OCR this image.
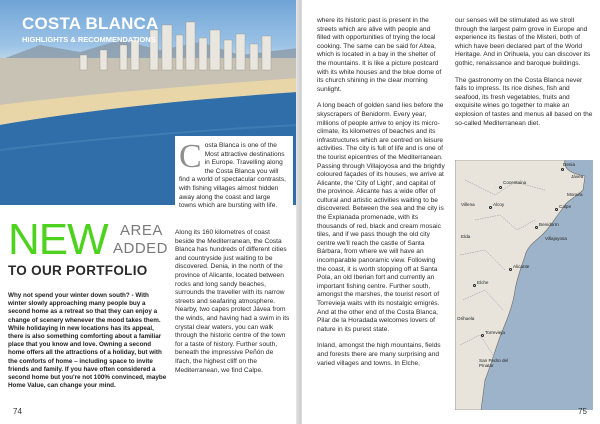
COSTA BLANCA
HIGHLIGHTS & RECOMMENDATIONS
NEW AREA
ADDED
TO OUR PORTFOLIO
Why not spend your winter down south? - With winter slowly approaching many people buy a second home as a retreat so that they can enjoy a change of scenery whenever the mood takes them. While holidaying in new locations has its appeal, there is also something comforting about a familiar place that you know and love. Owning a second home offers all the attractions of a holiday, but with the comforts of home – including space to invite friends and family. If you have often considered a second home but you're not 100% convinced, maybe Home Value, can change your mind.
C osta Blanca is one of the Most attractive destinations in Europe. Travelling along the Costa Blanca you will find a world of spectacular contrasts, with fishing villages almost hidden away along the coast and large towns which are bursting with life.

Along its 160 kilometres of coast beside the Mediterranean, the Costa Blanca has hundreds of different cities and countryside just waiting to be discovered. Denia, in the north of the province of Alicante, located between rocks and long sandy beaches, surrounds the traveller with its narrow streets and seafaring atmosphere. Nearby, two capes protect Jávea from the winds, and having had a swim in its crystal clear waters, you can walk through the historic centre of the town for a taste of history. Further south, beneath the impressive Peñón de Ifach, the highest cliff on the Mediterranean, we find Calpe.

74

where its historic past is present in the streets which are alive with people and filled with opportunities of trying the local cooking. The same can be said for Altea, which is located in a bay in the shelter of the mountains. It is like a picture postcard with its white houses and the blue dome of its church shining in the clear morning sunlight.

A long beach of golden sand lies before the skyscrapers of Benidorm. Every year, millions of people arrive to enjoy its micro-climate, its kilometres of beaches and its infrastructures which are centred on leisure activities. The city is full of life and is one of the tourist epicentres of the Mediterranean. Passing through Villajoyosa and the brightly coloured façades of its houses, we arrive at Alicante, the 'City of Light', and capital of the province. Alicante has a wide offer of cultural and artistic activities waiting to be discovered. Between the sea and the city is the Explanada promenade, with its thousands of red, black and cream mosaic tiles, and if we pass though the old city centre we'll reach the castle of Santa Bárbara, from where we will have an incomparable panoramic view. Following the coast, it is worth stopping off at Santa Pola, an old Iberian fort and currently an important fishing centre. Further south, amongst the marshes, the tourist resort of Torrevieja waits with its nostalgic emigrés. And at the other end of the Costa Blanca, Pilar de la Horadada welcomes lovers of nature in its purest state.

Inland, amongst the high mountains, fields and forests there are many surprising and varied villages and towns. In Elche,

our senses will be stimulated as we stroll through the largest palm grove in Europe and experience its fiestas of the Misteri, both of which have been declared part of the World Heritage. And in Orihuela, you can discover its gothic, renaissance and baroque buildings.

The gastronomy on the Costa Blanca never fails to impress. Its rice dishes, fish and seafood, its fresh vegetables, fruits and exquisite wines go together to make an explosion of tastes and menus all based on the so-called Mediterranean diet.

Denia
Jávea
Cocentaina
Moraira
Villena	Alcoy	Calpe
Benidorm
Villajoyosa
Elda
Alicante
Elche
Orihuela
Torrevieja
San Pedro del Pinatar
75
